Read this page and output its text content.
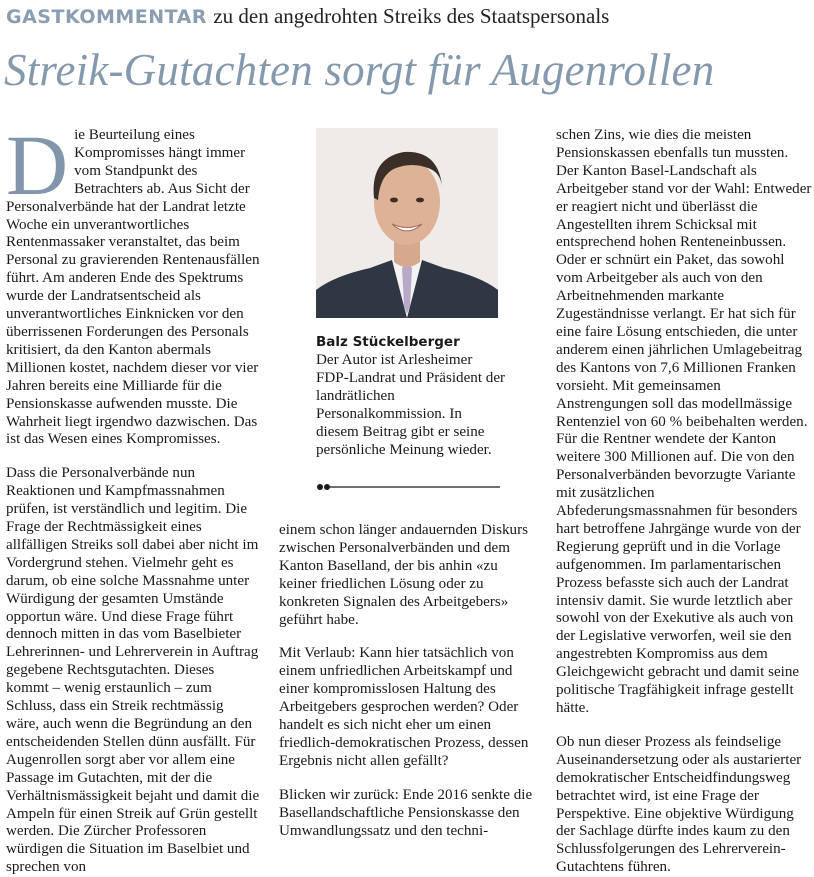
GASTKOMMENTAR zu den angedrohten Streiks des Staatspersonals
Streik-Gutachten sorgt für Augenrollen

Die Beurteilung eines Kompromisses hängt immer vom Standpunkt des Betrachters ab. Aus Sicht der Personalverbände hat der Landrat letzte Woche ein unverantwortliches Rentenmassaker veranstaltet, das beim Personal zu gravierenden Rentenausfällen führt. Am anderen Ende des Spektrums wurde der Landratsentscheid als unverantwortliches Einknicken vor den überrissenen Forderungen des Personals kritisiert, da den Kanton abermals Millionen kostet, nachdem dieser vor vier Jahren bereits eine Milliarde für die Pensionskasse aufwenden musste. Die Wahrheit liegt irgendwo dazwischen. Das ist das Wesen eines Kompromisses.

Dass die Personalverbände nun Reaktionen und Kampfmassnahmen prüfen, ist verständlich und legitim. Die Frage der Rechtmässigkeit eines allfälligen Streiks soll dabei aber nicht im Vordergrund stehen. Vielmehr geht es darum, ob eine solche Massnahme unter Würdigung der gesamten Umstände opportun wäre. Und diese Frage führt dennoch mitten in das vom Baselbieter Lehrerinnen- und Lehrerverein in Auftrag gegebene Rechtsgutachten. Dieses kommt – wenig erstaunlich – zum Schluss, dass ein Streik rechtmässig wäre, auch wenn die Begründung an den entscheidenden Stellen dünn ausfällt. Für Augenrollen sorgt aber vor allem eine Passage im Gutachten, mit der die Verhältnismässigkeit bejaht und damit die Ampeln für einen Streik auf Grün gestellt werden. Die Zürcher Professoren würdigen die Situation im Baselbiet und sprechen von

Balz Stückelberger

Der Autor ist Arlesheimer FDP-Landrat und Präsident der landrätlichen Personalkommission. In diesem Beitrag gibt er seine persönliche Meinung wieder.

einem schon länger andauernden Diskurs zwischen Personalverbänden und dem Kanton Baselland, der bis anhin «zu keiner friedlichen Lösung oder zu konkreten Signalen des Arbeitgebers» geführt habe.

Mit Verlaub: Kann hier tatsächlich von einem unfriedlichen Arbeitskampf und einer kompromisslosen Haltung des Arbeitgebers gesprochen werden? Oder handelt es sich nicht eher um einen friedlich-demokratischen Prozess, dessen Ergebnis nicht allen gefällt?

Blicken wir zurück: Ende 2016 senkte die Basellandschaftliche Pensionskasse den Umwandlungssatz und den techni-

schen Zins, wie dies die meisten Pensionskassen ebenfalls tun mussten. Der Kanton Basel-Landschaft als Arbeitgeber stand vor der Wahl: Entweder er reagiert nicht und überlässt die Angestellten ihrem Schicksal mit entsprechend hohen Renteneinbussen. Oder er schnürt ein Paket, das sowohl vom Arbeitgeber als auch von den Arbeitnehmenden markante Zugeständnisse verlangt. Er hat sich für eine faire Lösung entschieden, die unter anderem einen jährlichen Umlagebeitrag des Kantons von 7,6 Millionen Franken vorsieht. Mit gemeinsamen Anstrengungen soll das modellmässige Rentenziel von 60 % beibehalten werden. Für die Rentner wendete der Kanton weitere 300 Millionen auf. Die von den Personalverbänden bevorzugte Variante mit zusätzlichen Abfederungsmassnahmen für besonders hart betroffene Jahrgänge wurde von der Regierung geprüft und in die Vorlage aufgenommen. Im parlamentarischen Prozess befasste sich auch der Landrat intensiv damit. Sie wurde letztlich aber sowohl von der Exekutive als auch von der Legislative verworfen, weil sie den angestrebten Kompromiss aus dem Gleichgewicht gebracht und damit seine politische Tragfähigkeit infrage gestellt hätte.

Ob nun dieser Prozess als feindselige Auseinandersetzung oder als austarierter demokratischer Entscheidfindungsweg betrachtet wird, ist eine Frage der Perspektive. Eine objektive Würdigung der Sachlage dürfte indes kaum zu den Schlussfolgerungen des Lehrerverein-Gutachtens führen.
